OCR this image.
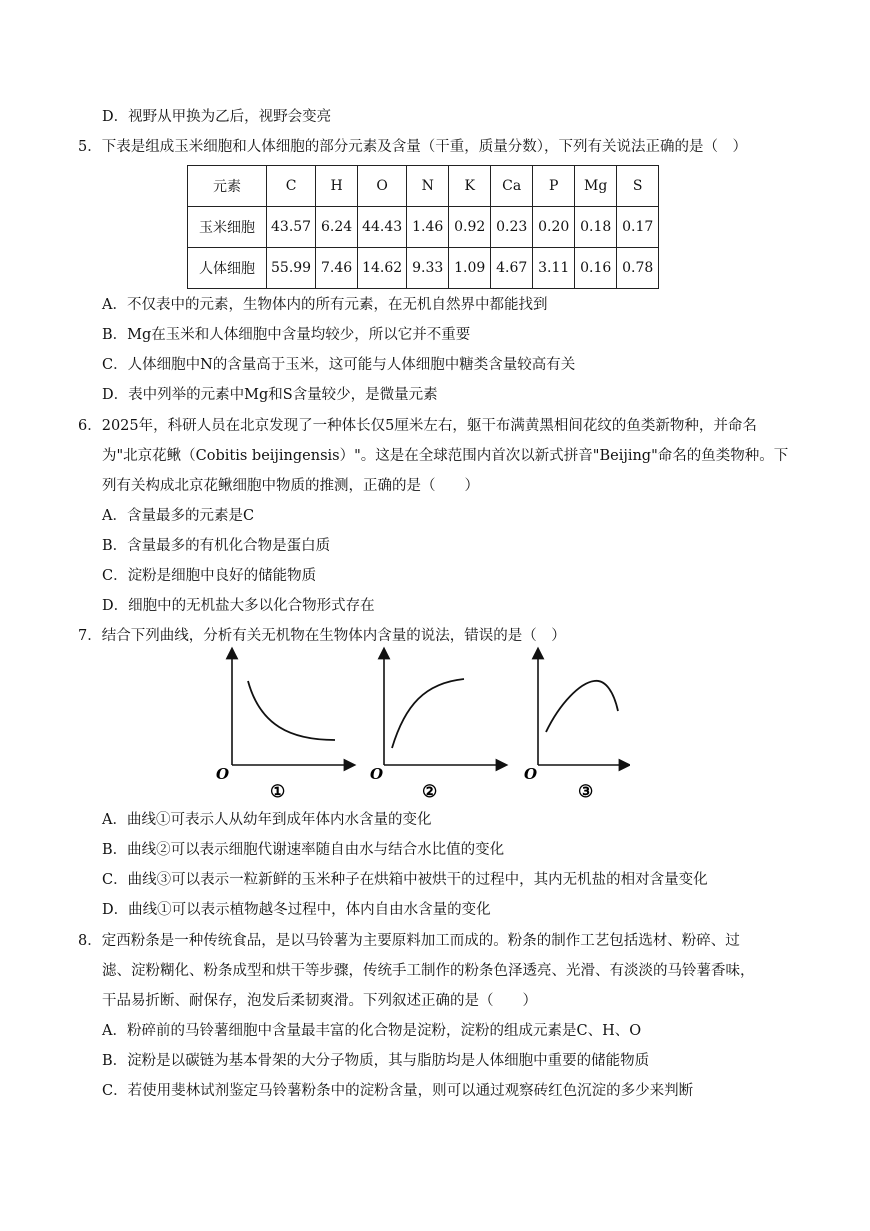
D．视野从甲换为乙后，视野会变亮
5．下表是组成玉米细胞和人体细胞的部分元素及含量（干重，质量分数），下列有关说法正确的是（　）
元素	C	H	O	N	K	Ca	P	Mg	S
玉米细胞	43.57	6.24	44.43	1.46	0.92	0.23	0.20	0.18	0.17
人体细胞	55.99	7.46	14.62	9.33	1.09	4.67	3.11	0.16	0.78
A．不仅表中的元素，生物体内的所有元素，在无机自然界中都能找到
B．Mg在玉米和人体细胞中含量均较少，所以它并不重要
C．人体细胞中N的含量高于玉米，这可能与人体细胞中糖类含量较高有关
D．表中列举的元素中Mg和S含量较少，是微量元素
6．2025年，科研人员在北京发现了一种体长仅5厘米左右，躯干布满黄黑相间花纹的鱼类新物种，并命名
为"北京花鳅（Cobitis beijingensis）"。这是在全球范围内首次以新式拼音"Beijing"命名的鱼类物种。下
列有关构成北京花鳅细胞中物质的推测，正确的是（　　）
A．含量最多的元素是C
B．含量最多的有机化合物是蛋白质
C．淀粉是细胞中良好的储能物质
D．细胞中的无机盐大多以化合物形式存在
7．结合下列曲线，分析有关无机物在生物体内含量的说法，错误的是（　）
O
①
O
②
O
③
A．曲线①可表示人从幼年到成年体内水含量的变化
B．曲线②可以表示细胞代谢速率随自由水与结合水比值的变化
C．曲线③可以表示一粒新鲜的玉米种子在烘箱中被烘干的过程中，其内无机盐的相对含量变化
D．曲线①可以表示植物越冬过程中，体内自由水含量的变化
8．定西粉条是一种传统食品，是以马铃薯为主要原料加工而成的。粉条的制作工艺包括选材、粉碎、过
滤、淀粉糊化、粉条成型和烘干等步骤，传统手工制作的粉条色泽透亮、光滑、有淡淡的马铃薯香味，
干品易折断、耐保存，泡发后柔韧爽滑。下列叙述正确的是（　　）
A．粉碎前的马铃薯细胞中含量最丰富的化合物是淀粉，淀粉的组成元素是C、H、O
B．淀粉是以碳链为基本骨架的大分子物质，其与脂肪均是人体细胞中重要的储能物质
C．若使用斐林试剂鉴定马铃薯粉条中的淀粉含量，则可以通过观察砖红色沉淀的多少来判断
